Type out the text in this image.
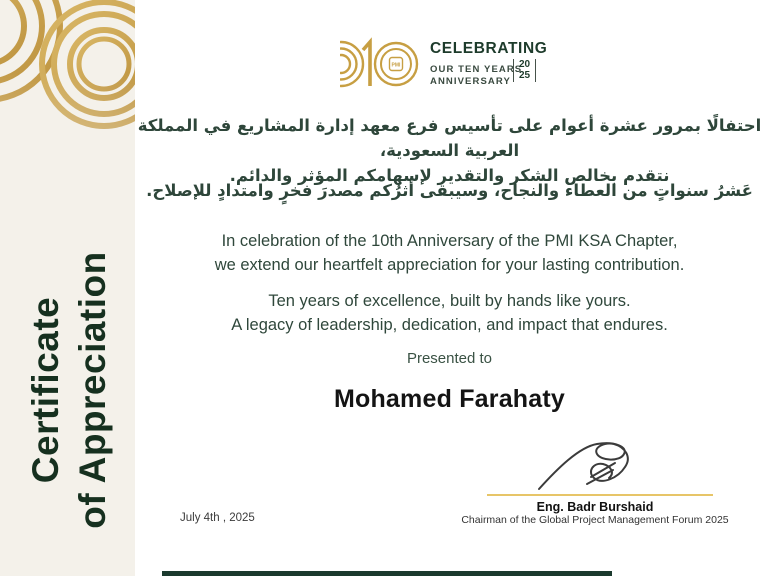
Certificate of Appreciation
PMI
CELEBRATING
OUR TEN YEARS
ANNIVERSARY
20
25
احتفالًا بمرور عشرة أعوام على تأسيس فرع معهد إدارة المشاريع في المملكة العربية السعودية،
نتقدم بخالص الشكر والتقدير لإسهامكم المؤثر والدائم.
عَشرُ سنواتٍ من العطاء والنجاح، وسيبقى أثرُكم مصدرَ فخرٍ وامتدادٍ للإصلاح.
In celebration of the 10th Anniversary of the PMI KSA Chapter,
we extend our heartfelt appreciation for your lasting contribution.
Ten years of excellence, built by hands like yours.
A legacy of leadership, dedication, and impact that endures.
Presented to
Mohamed Farahaty
Eng. Badr Burshaid
Chairman of the Global Project Management Forum 2025
July 4th , 2025
